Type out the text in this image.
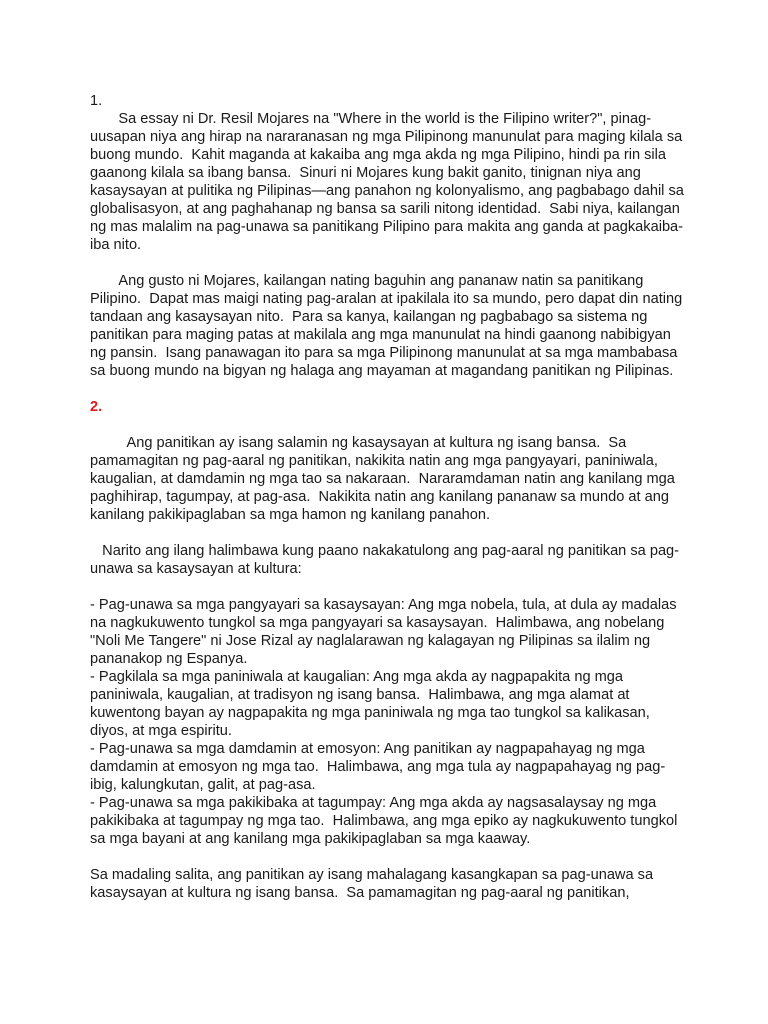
1.

Sa essay ni Dr. Resil Mojares na "Where in the world is the Filipino writer?", pinag-uusapan niya ang hirap na nararanasan ng mga Pilipinong manunulat para maging kilala sa buong mundo.  Kahit maganda at kakaiba ang mga akda ng mga Pilipino, hindi pa rin sila gaanong kilala sa ibang bansa.  Sinuri ni Mojares kung bakit ganito, tinignan niya ang kasaysayan at pulitika ng Pilipinas—ang panahon ng kolonyalismo, ang pagbabago dahil sa globalisasyon, at ang paghahanap ng bansa sa sarili nitong identidad.  Sabi niya, kailangan ng mas malalim na pag-unawa sa panitikang Pilipino para makita ang ganda at pagkakaiba-iba nito.

Ang gusto ni Mojares, kailangan nating baguhin ang pananaw natin sa panitikang Pilipino.  Dapat mas maigi nating pag-aralan at ipakilala ito sa mundo, pero dapat din nating tandaan ang kasaysayan nito.  Para sa kanya, kailangan ng pagbabago sa sistema ng panitikan para maging patas at makilala ang mga manunulat na hindi gaanong nabibigyan ng pansin.  Isang panawagan ito para sa mga Pilipinong manunulat at sa mga mambabasa sa buong mundo na bigyan ng halaga ang mayaman at magandang panitikan ng Pilipinas.

2.

Ang panitikan ay isang salamin ng kasaysayan at kultura ng isang bansa.  Sa pamamagitan ng pag-aaral ng panitikan, nakikita natin ang mga pangyayari, paniniwala, kaugalian, at damdamin ng mga tao sa nakaraan.  Nararamdaman natin ang kanilang mga paghihirap, tagumpay, at pag-asa.  Nakikita natin ang kanilang pananaw sa mundo at ang kanilang pakikipaglaban sa mga hamon ng kanilang panahon.

Narito ang ilang halimbawa kung paano nakakatulong ang pag-aaral ng panitikan sa pag-unawa sa kasaysayan at kultura:

- Pag-unawa sa mga pangyayari sa kasaysayan: Ang mga nobela, tula, at dula ay madalas na nagkukuwento tungkol sa mga pangyayari sa kasaysayan.  Halimbawa, ang nobelang "Noli Me Tangere" ni Jose Rizal ay naglalarawan ng kalagayan ng Pilipinas sa ilalim ng pananakop ng Espanya.
- Pagkilala sa mga paniniwala at kaugalian: Ang mga akda ay nagpapakita ng mga paniniwala, kaugalian, at tradisyon ng isang bansa.  Halimbawa, ang mga alamat at kuwentong bayan ay nagpapakita ng mga paniniwala ng mga tao tungkol sa kalikasan, diyos, at mga espiritu.
- Pag-unawa sa mga damdamin at emosyon: Ang panitikan ay nagpapahayag ng mga damdamin at emosyon ng mga tao.  Halimbawa, ang mga tula ay nagpapahayag ng pag-ibig, kalungkutan, galit, at pag-asa.
- Pag-unawa sa mga pakikibaka at tagumpay: Ang mga akda ay nagsasalaysay ng mga pakikibaka at tagumpay ng mga tao.  Halimbawa, ang mga epiko ay nagkukuwento tungkol sa mga bayani at ang kanilang mga pakikipaglaban sa mga kaaway.

Sa madaling salita, ang panitikan ay isang mahalagang kasangkapan sa pag-unawa sa kasaysayan at kultura ng isang bansa.  Sa pamamagitan ng pag-aaral ng panitikan,
